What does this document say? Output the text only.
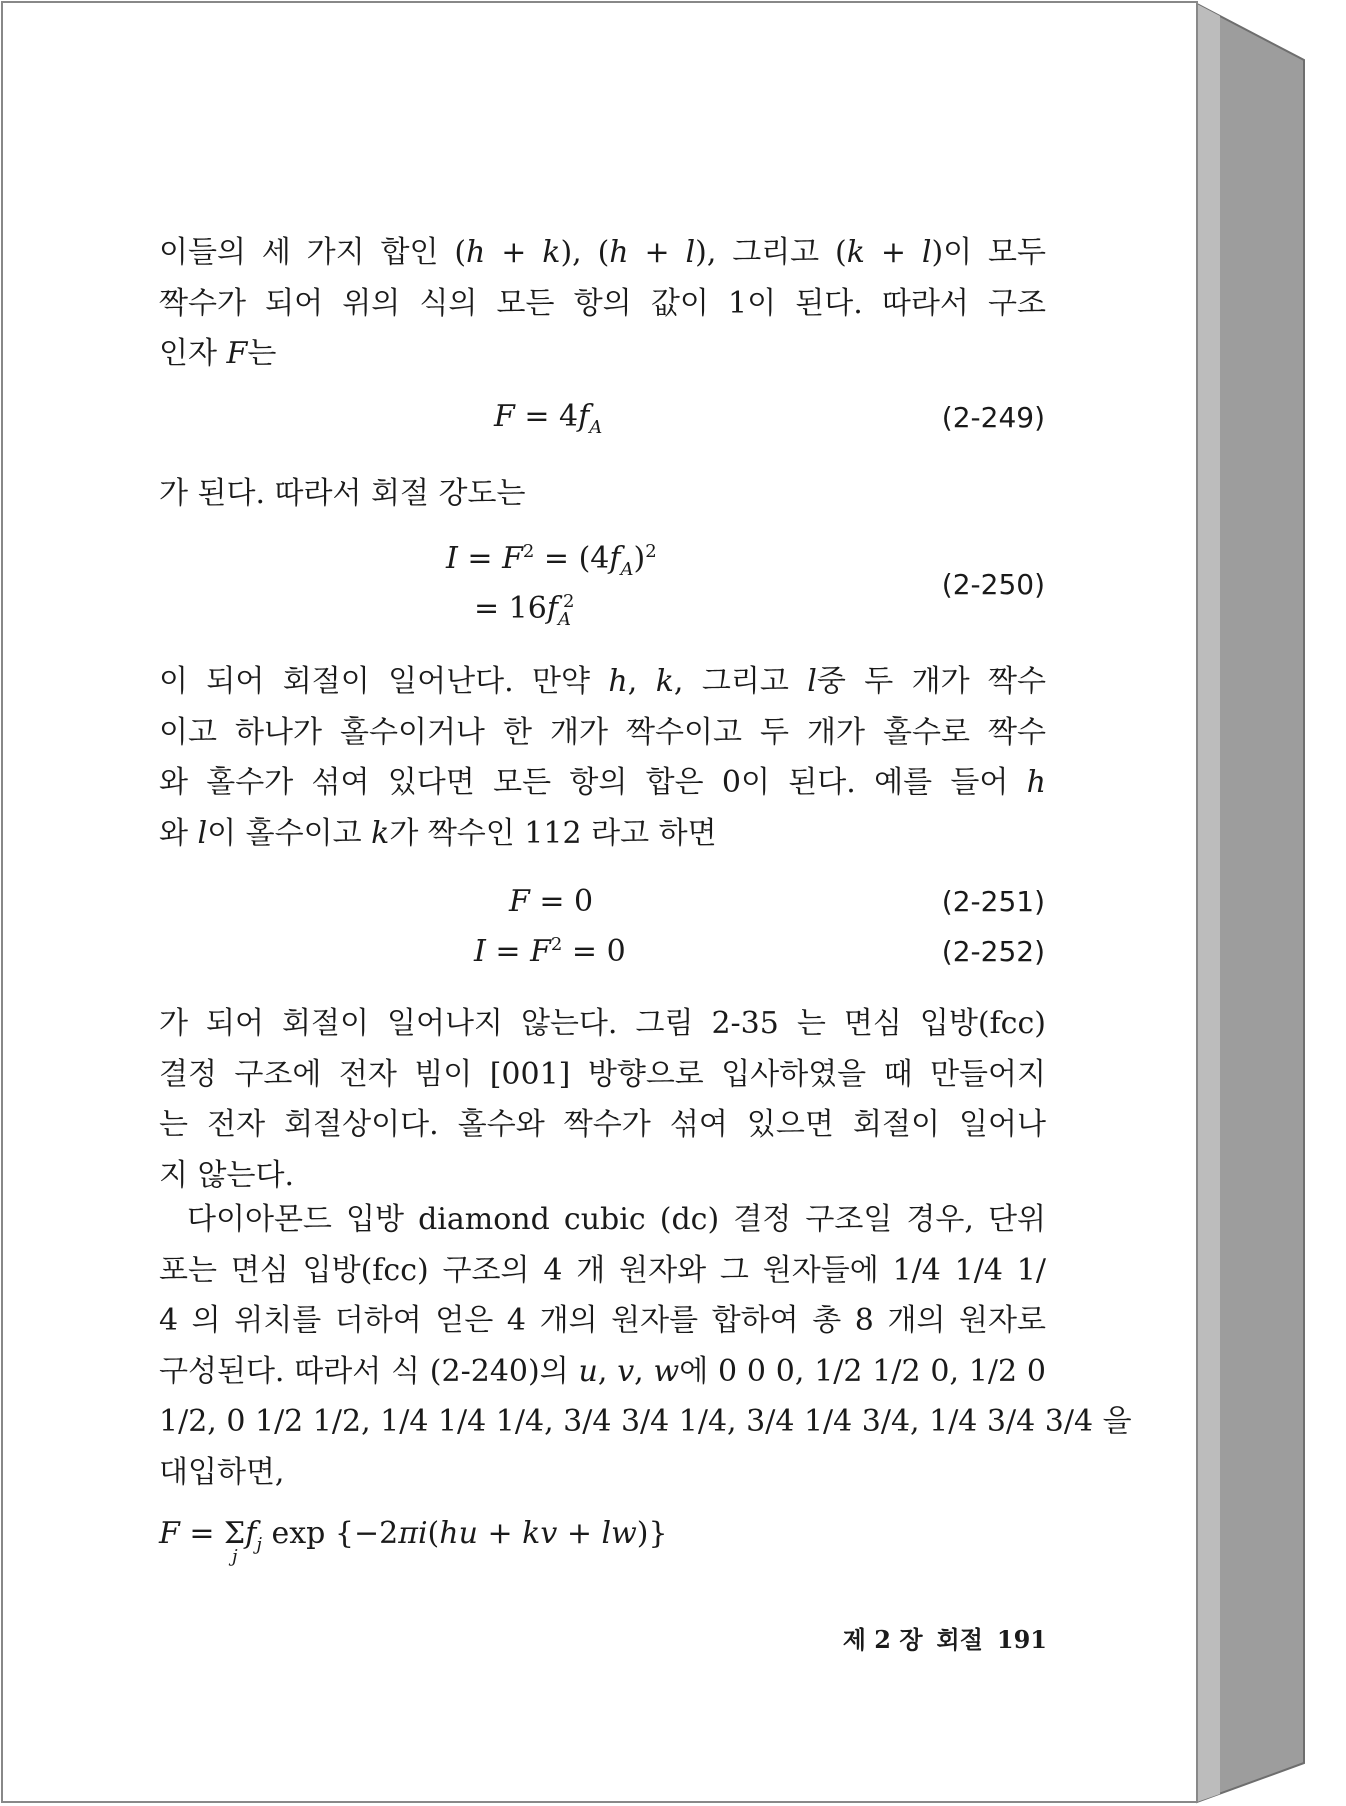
이들의 세 가지 합인 (h + k), (h + l), 그리고 (k + l)이 모두
짝수가 되어 위의 식의 모든 항의 값이 1이 된다. 따라서 구조
인자 F는
$F = 4f_A$	(2-249)
가 된다. 따라서 회절 강도는
$I = F^2 = (4f_A)^2$
= $16f_A^2$
(2-250)
이 되어 회절이 일어난다. 만약 h, k, 그리고 l중 두 개가 짝수
이고 하나가 홀수이거나 한 개가 짝수이고 두 개가 홀수로 짝수
와 홀수가 섞여 있다면 모든 항의 합은 0이 된다. 예를 들어 h
와 l이 홀수이고 k가 짝수인 112 라고 하면
F = 0	(2-251)
$I = F^2 = 0$	(2-252)
가 되어 회절이 일어나지 않는다. 그림 2-35 는 면심 입방(fcc)
결정 구조에 전자 빔이 [001] 방향으로 입사하였을 때 만들어지
는 전자 회절상이다. 홀수와 짝수가 섞여 있으면 회절이 일어나
지 않는다.
다이아몬드 입방 diamond cubic (dc) 결정 구조일 경우, 단위
포는 면심 입방(fcc) 구조의 4 개 원자와 그 원자들에 1/4 1/4 1/
4 의 위치를 더하여 얻은 4 개의 원자를 합하여 총 8 개의 원자로
구성된다. 따라서 식 (2-240)의 u, v, w에 0 0 0, 1/2 1/2 0, 1/2 0
1/2, 0 1/2 1/2, 1/4 1/4 1/4, 3/4 3/4 1/4, 3/4 1/4 3/4, 1/4 3/4 3/4 을
대입하면,
F = Σ
j
$f_j$ exp {−2πi(hu + kv + lw)}
제 2 장 회절 191
